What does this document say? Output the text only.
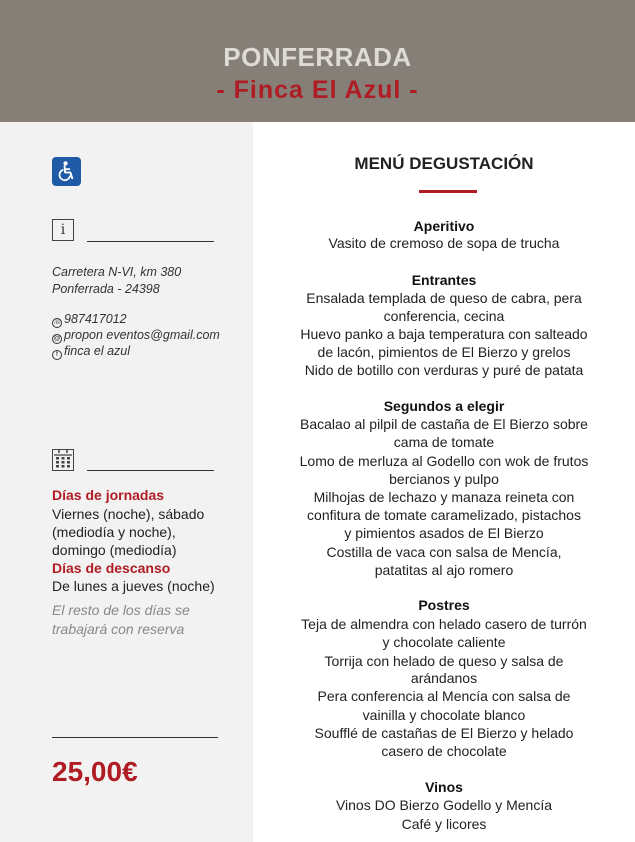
PONFERRADA
- Finca El Azul -
i
Carretera N-VI, km 380
Ponferrada - 24398
☏ 987417012
@ propon eventos@gmail.com
f finca el azul
Días de jornadas
Viernes (noche), sábado
(mediodía y noche),
domingo (mediodía)
Días de descanso
De lunes a jueves (noche)
El resto de los días se
trabajará con reserva
25,00€
MENÚ DEGUSTACIÓN
Aperitivo
Vasito de cremoso de sopa de trucha
Entrantes
Ensalada templada de queso de cabra, pera
conferencia, cecina
Huevo panko a baja temperatura con salteado
de lacón, pimientos de El Bierzo y grelos
Nido de botillo con verduras y puré de patata
Segundos a elegir
Bacalao al pilpil de castaña de El Bierzo sobre
cama de tomate
Lomo de merluza al Godello con wok de frutos
bercianos y pulpo
Milhojas de lechazo y manaza reineta con
confitura de tomate caramelizado, pistachos
y pimientos asados de El Bierzo
Costilla de vaca con salsa de Mencía,
patatitas al ajo romero
Postres
Teja de almendra con helado casero de turrón
y chocolate caliente
Torrija con helado de queso y salsa de
arándanos
Pera conferencia al Mencía con salsa de
vainilla y chocolate blanco
Soufflé de castañas de El Bierzo y helado
casero de chocolate
Vinos
Vinos DO Bierzo Godello y Mencía
Café y licores
